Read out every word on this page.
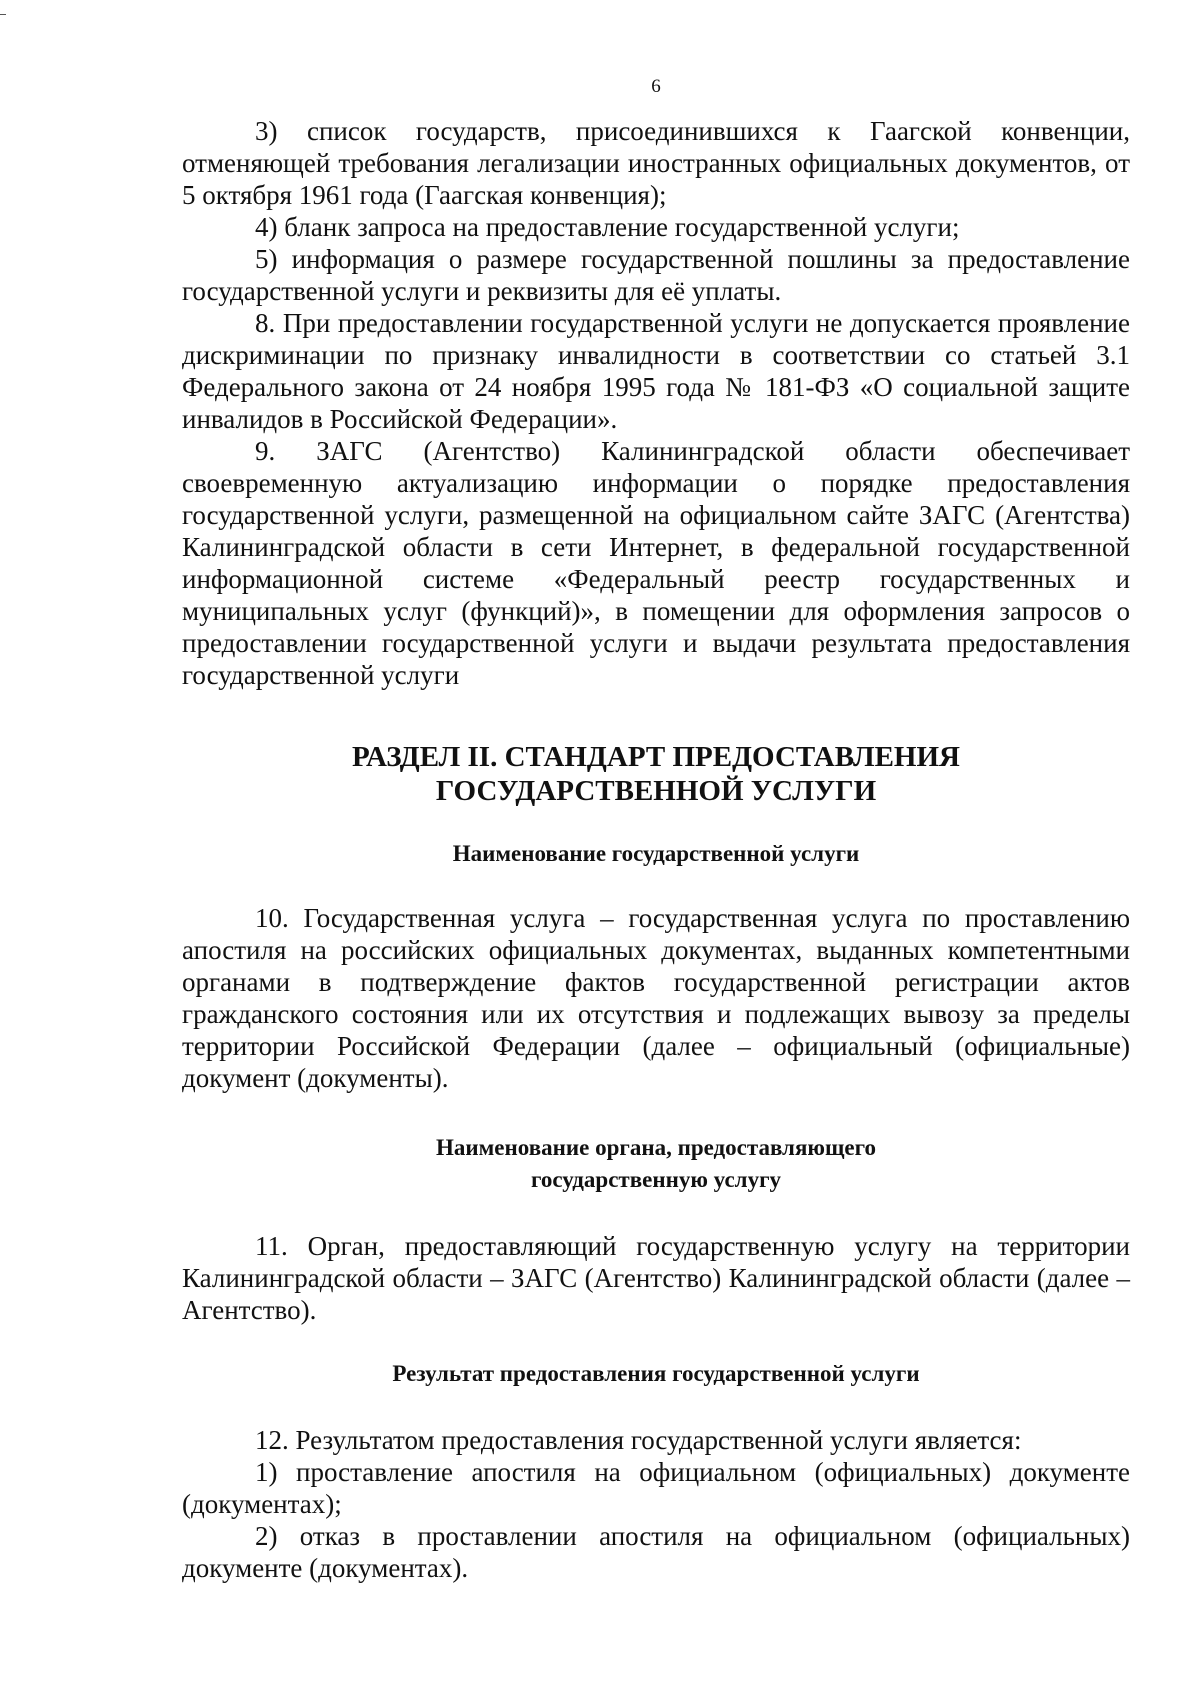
6

3) список государств, присоединившихся к Гаагской конвенции, отменяющей требования легализации иностранных официальных документов, от 5 октября 1961 года (Гаагская конвенция);

4) бланк запроса на предоставление государственной услуги;

5) информация о размере государственной пошлины за предоставление государственной услуги и реквизиты для её уплаты.

8. При предоставлении государственной услуги не допускается проявление дискриминации по признаку инвалидности в соответствии со статьей 3.1 Федерального закона от 24 ноября 1995 года № 181-ФЗ «О социальной защите инвалидов в Российской Федерации».

9. ЗАГС (Агентство) Калининградской области обеспечивает своевременную актуализацию информации о порядке предоставления государственной услуги, размещенной на официальном сайте ЗАГС (Агентства) Калининградской области в сети Интернет, в федеральной государственной информационной системе «Федеральный реестр государственных и муниципальных услуг (функций)», в помещении для оформления запросов о предоставлении государственной услуги и выдачи результата предоставления государственной услуги

РАЗДЕЛ II. СТАНДАРТ ПРЕДОСТАВЛЕНИЯ
ГОСУДАРСТВЕННОЙ УСЛУГИ
Наименование государственной услуги

10. Государственная услуга – государственная услуга по проставлению апостиля на российских официальных документах, выданных компетентными органами в подтверждение фактов государственной регистрации актов гражданского состояния или их отсутствия и подлежащих вывозу за пределы территории Российской Федерации (далее – официальный (официальные) документ (документы).

Наименование органа, предоставляющего
государственную услугу

11. Орган, предоставляющий государственную услугу на территории Калининградской области – ЗАГС (Агентство) Калининградской области (далее – Агентство).

Результат предоставления государственной услуги

12. Результатом предоставления государственной услуги является:

1) проставление апостиля на официальном (официальных) документе (документах);

2) отказ в проставлении апостиля на официальном (официальных) документе (документах).
